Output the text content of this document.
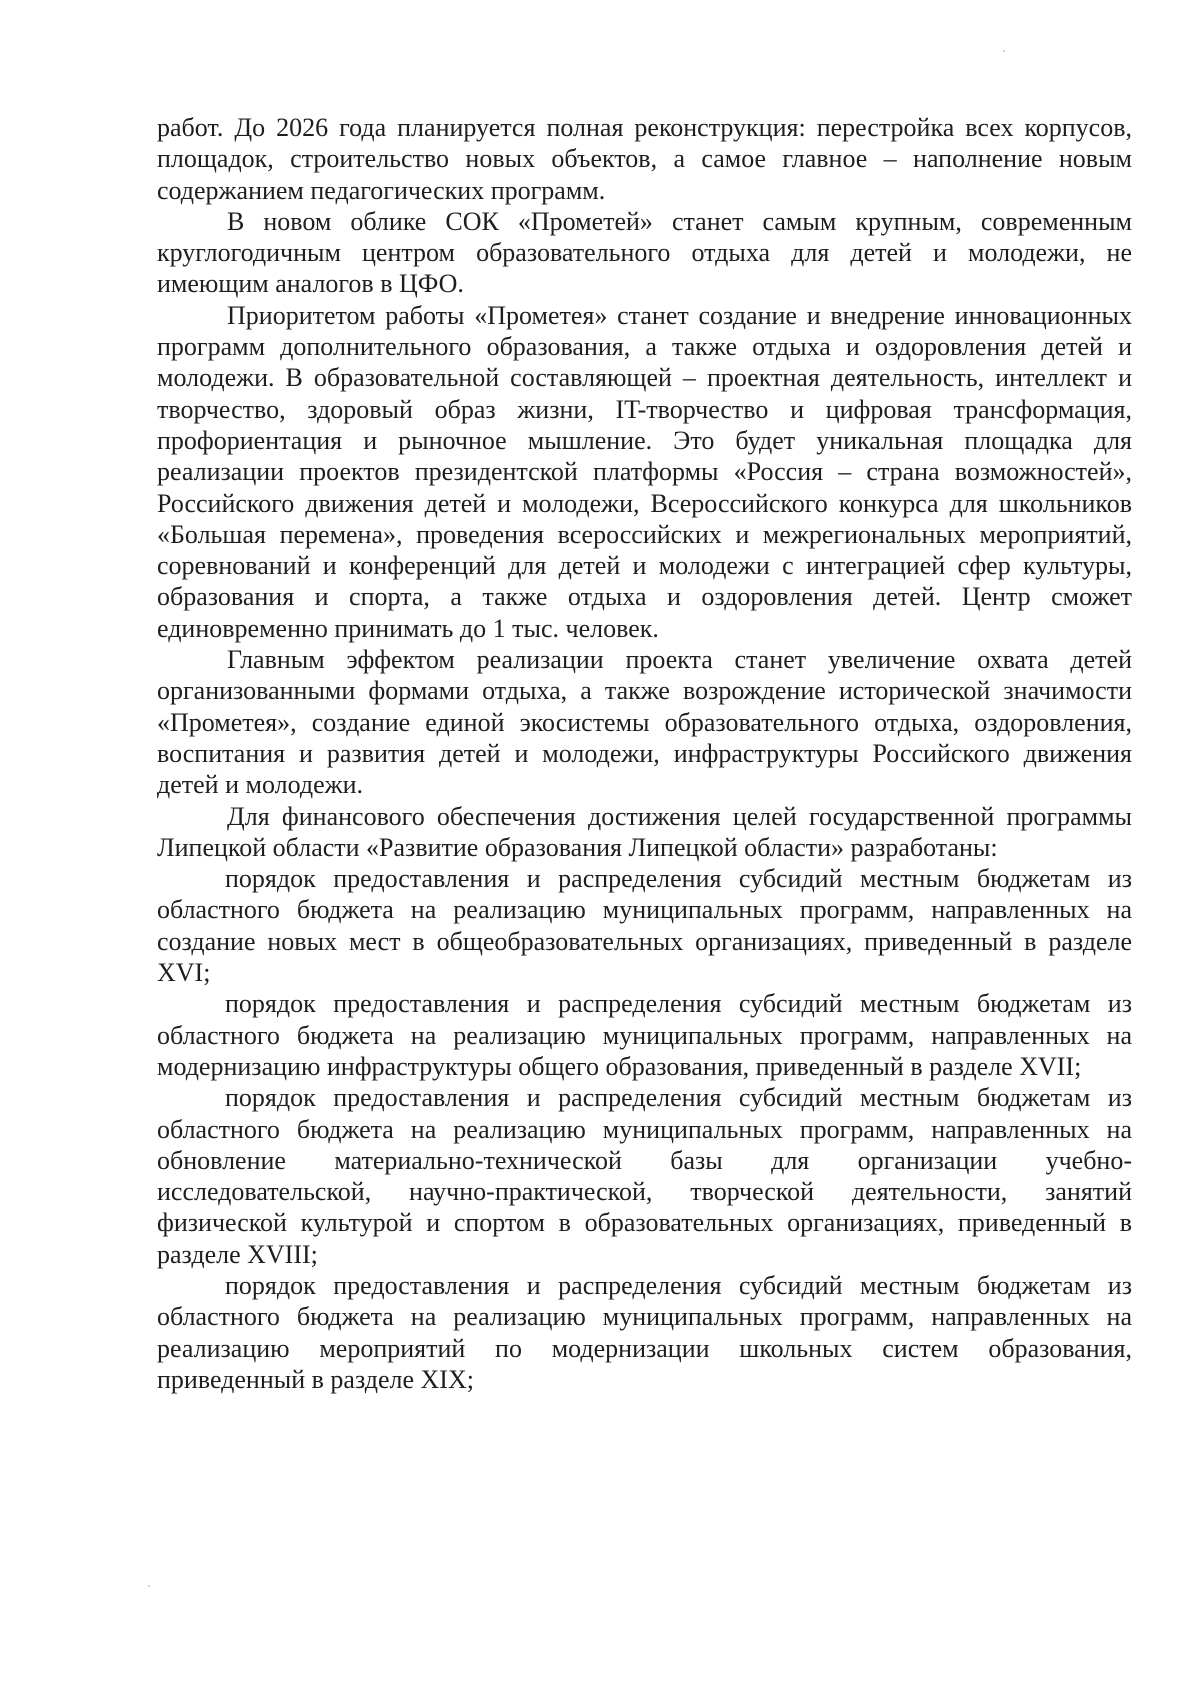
работ. До 2026 года планируется полная реконструкция: перестройка всех корпусов, площадок, строительство новых объектов, а самое главное – наполнение новым содержанием педагогических программ.

В новом облике СОК «Прометей» станет самым крупным, современным круглогодичным центром образовательного отдыха для детей и молодежи, не имеющим аналогов в ЦФО.

Приоритетом работы «Прометея» станет создание и внедрение инновационных программ дополнительного образования, а также отдыха и оздоровления детей и молодежи. В образовательной составляющей – проектная деятельность, интеллект и творчество, здоровый образ жизни, IT-творчество и цифровая трансформация, профориентация и рыночное мышление. Это будет уникальная площадка для реализации проектов президентской платформы «Россия – страна возможностей», Российского движения детей и молодежи, Всероссийского конкурса для школьников «Большая перемена», проведения всероссийских и межрегиональных мероприятий, соревнований и конференций для детей и молодежи с интеграцией сфер культуры, образования и спорта, а также отдыха и оздоровления детей. Центр сможет единовременно принимать до 1 тыс. человек.

Главным эффектом реализации проекта станет увеличение охвата детей организованными формами отдыха, а также возрождение исторической значимости «Прометея», создание единой экосистемы образовательного отдыха, оздоровления, воспитания и развития детей и молодежи, инфраструктуры Российского движения детей и молодежи.

Для финансового обеспечения достижения целей государственной программы Липецкой области «Развитие образования Липецкой области» разработаны:

порядок предоставления и распределения субсидий местным бюджетам из областного бюджета на реализацию муниципальных программ, направленных на создание новых мест в общеобразовательных организациях, приведенный в разделе XVI;

порядок предоставления и распределения субсидий местным бюджетам из областного бюджета на реализацию муниципальных программ, направленных на модернизацию инфраструктуры общего образования, приведенный в разделе XVII;

порядок предоставления и распределения субсидий местным бюджетам из областного бюджета на реализацию муниципальных программ, направленных на обновление материально-технической базы для организации учебно-исследовательской, научно-практической, творческой деятельности, занятий физической культурой и спортом в образовательных организациях, приведенный в разделе XVIII;

порядок предоставления и распределения субсидий местным бюджетам из областного бюджета на реализацию муниципальных программ, направленных на реализацию мероприятий по модернизации школьных систем образования, приведенный в разделе XIX;
